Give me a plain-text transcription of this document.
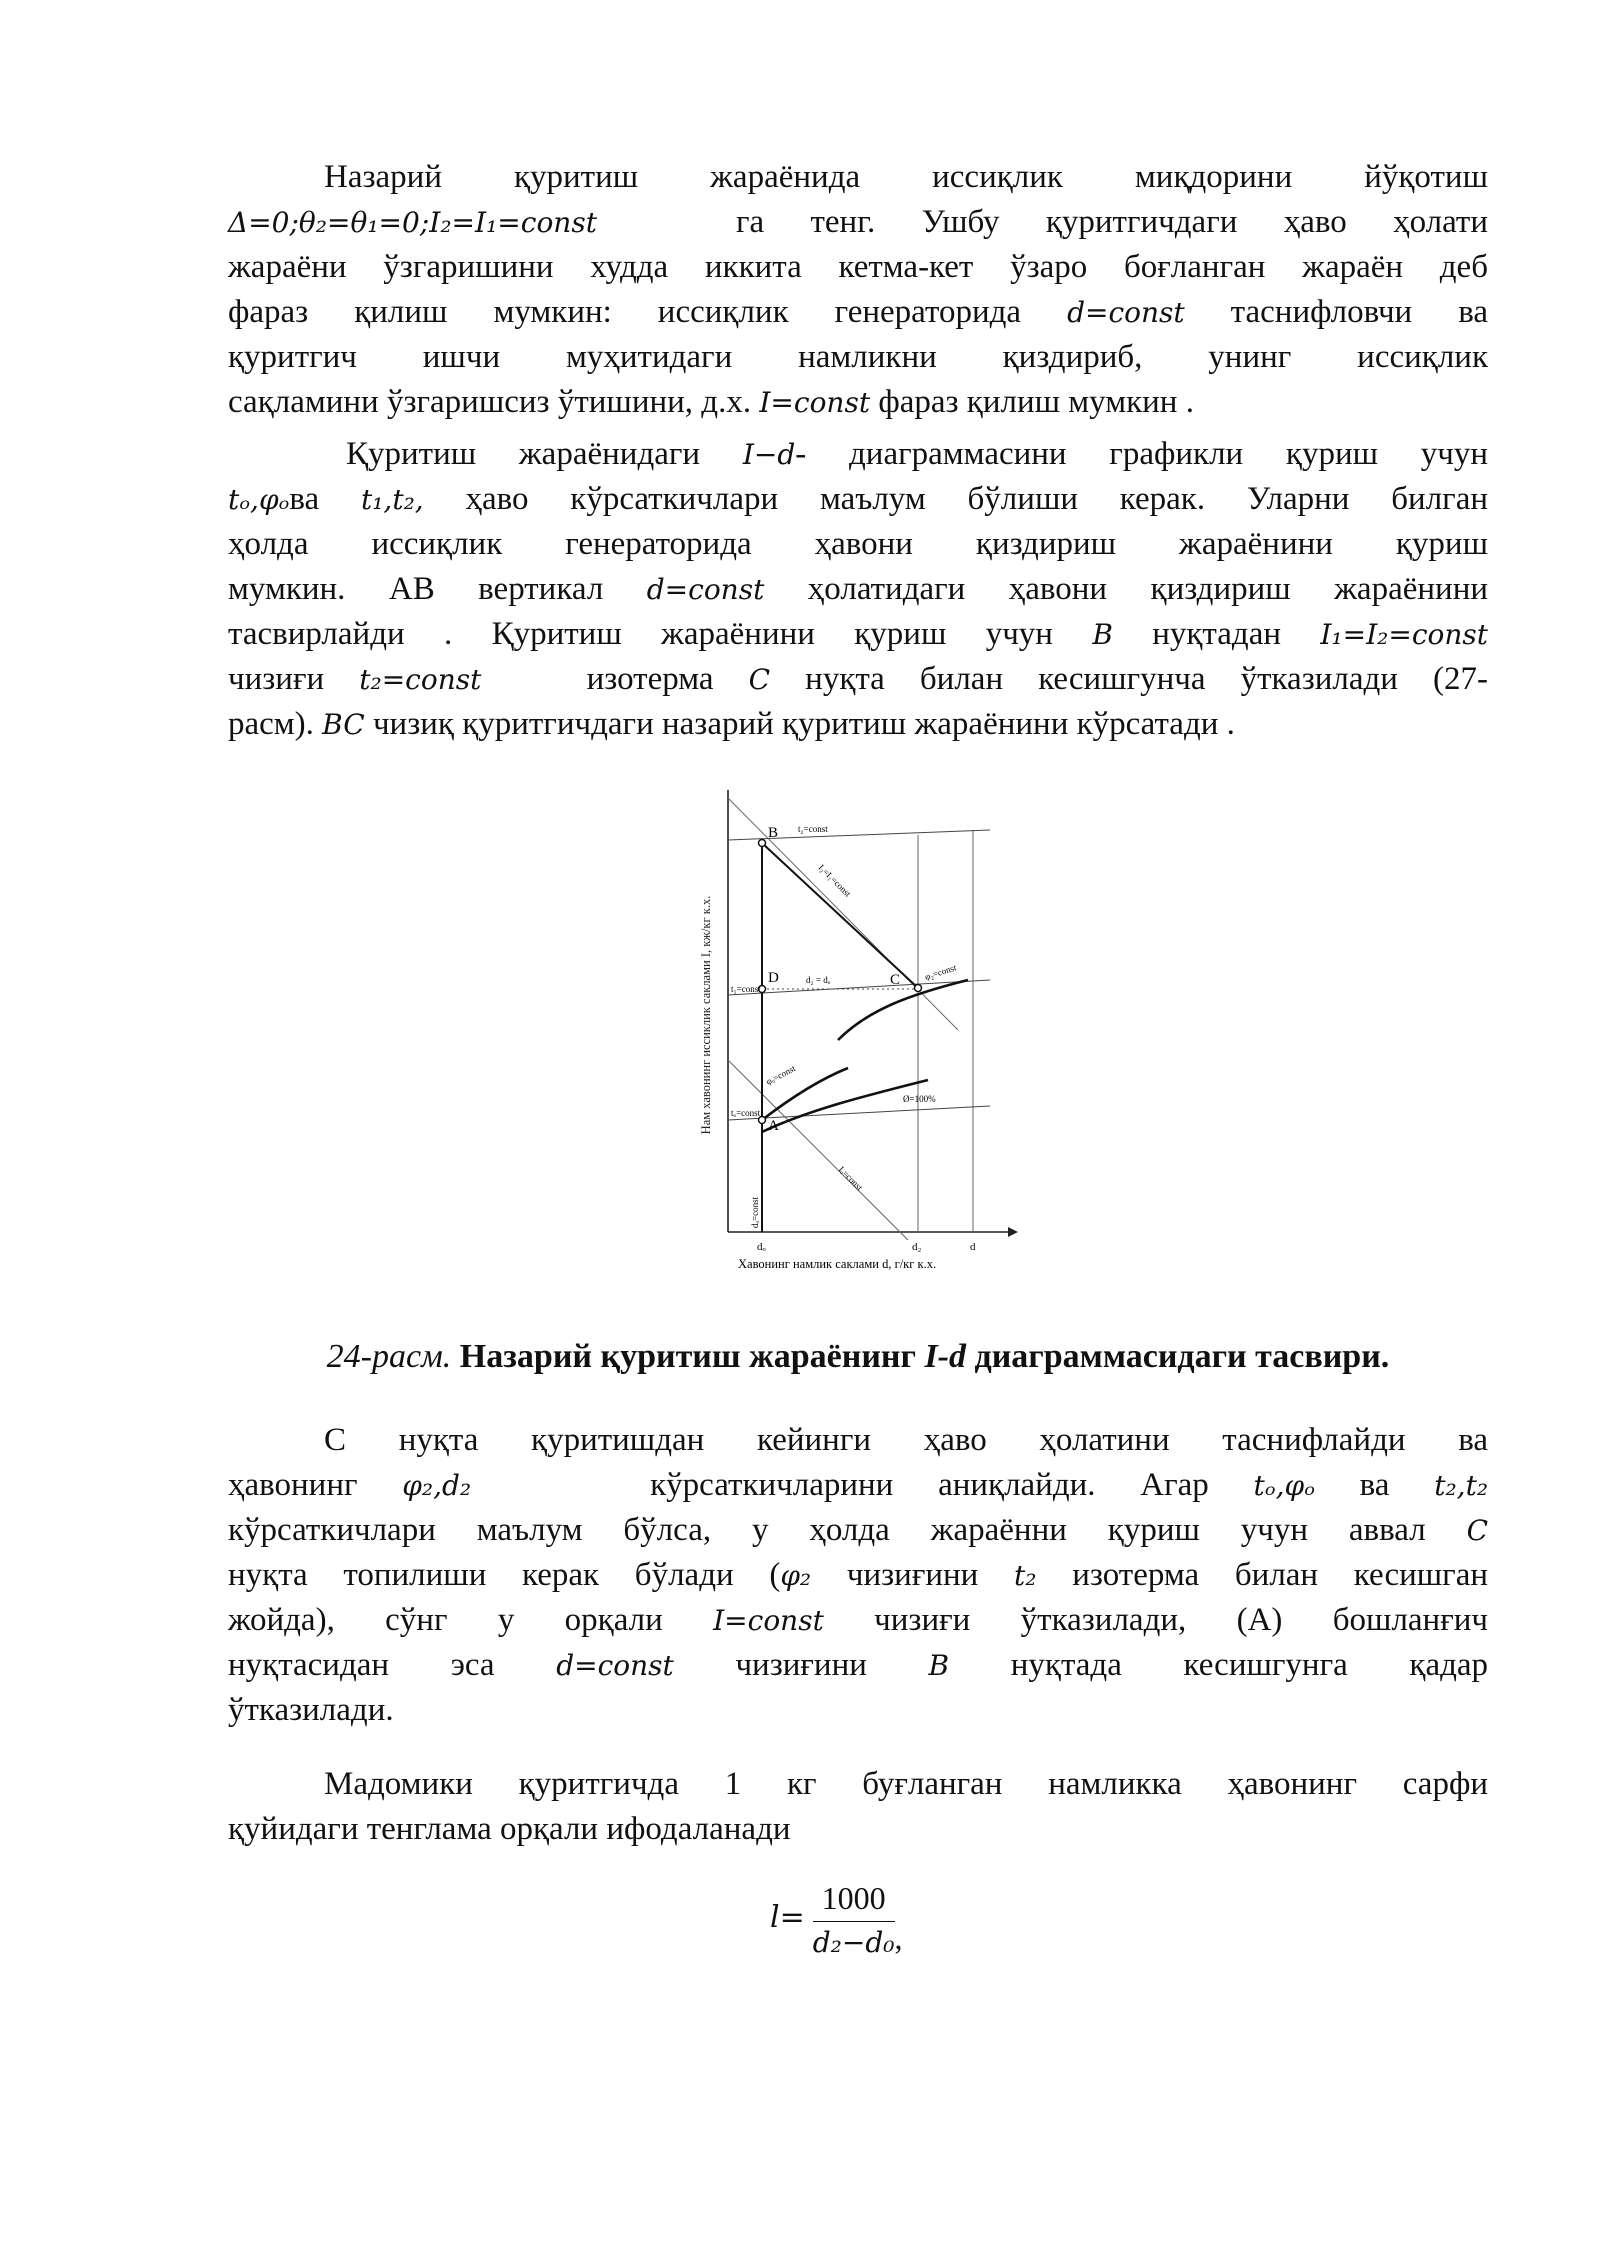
Назарий қуритиш жараёнида иссиқлик миқдорини йўқотиш
Δ=0;θ₂=θ₁=0;I₂=I₁=const	га тенг. Ушбу қуритгичдаги ҳаво ҳолати
жараёни ўзгаришини худда иккита кетма-кет ўзаро боғланган жараён деб
фараз қилиш мумкин: иссиқлик генераторида d=const таснифловчи ва
қуритгич ишчи муҳитидаги намликни қиздириб, унинг иссиқлик
сақламини ўзгаришсиз ўтишини, д.х. I=const фараз қилиш мумкин .
Қуритиш жараёнидаги I−d- диаграммасини графикли қуриш учун
tₒ,φₒва t₁,t₂, ҳаво кўрсаткичлари маълум бўлиши керак. Уларни билган
ҳолда иссиқлик генераторида ҳавони қиздириш жараёнини қуриш
мумкин. АВ вертикал d=const ҳолатидаги ҳавони қиздириш жараёнини
тасвирлайди . Қуритиш жараёнини қуриш учун B нуқтадан I₁=I₂=const
чизиғи t₂=const	изотерма C нуқта билан кесишгунча ўтказилади (27-
расм). BC чизиқ қуритгичдаги назарий қуритиш жараёнини кўрсатади .
Нам хавонинг иссиклик саклами I, кж/кг к.х.
B
D	C
A
t₂=const
I₂=I₁=const
φ₂=const
t₁=const
d₂ = dₒ
φₒ=const
tₒ=const
Ø=100%
Iₒ=const
dₒ=const
dₒ	d₂	d
Хавонинг намлик саклами d, г/кг к.х.
24-расм. Назарий қуритиш жараёнинг I-d диаграммасидаги тасвири.
С нуқта қуритишдан кейинги ҳаво ҳолатини таснифлайди ва
ҳавонинг φ₂,d₂	кўрсаткичларини аниқлайди. Агар tₒ,φₒ ва t₂,t₂
кўрсаткичлари маълум бўлса, у ҳолда жараённи қуриш учун аввал C
нуқта топилиши керак бўлади (φ₂ чизиғини t₂ изотерма билан кесишган
жойда), сўнг у орқали I=const чизиғи ўтказилади, (А) бошланғич
нуқтасидан эса d=const чизиғини B нуқтада кесишгунга қадар
ўтказилади.
Мадомики қуритгичда 1 кг буғланган намликка ҳавонинг сарфи
қуйидаги тенглама орқали ифодаланади
$l= \frac{1000}{\text{d₂−d₀}}$ ,
